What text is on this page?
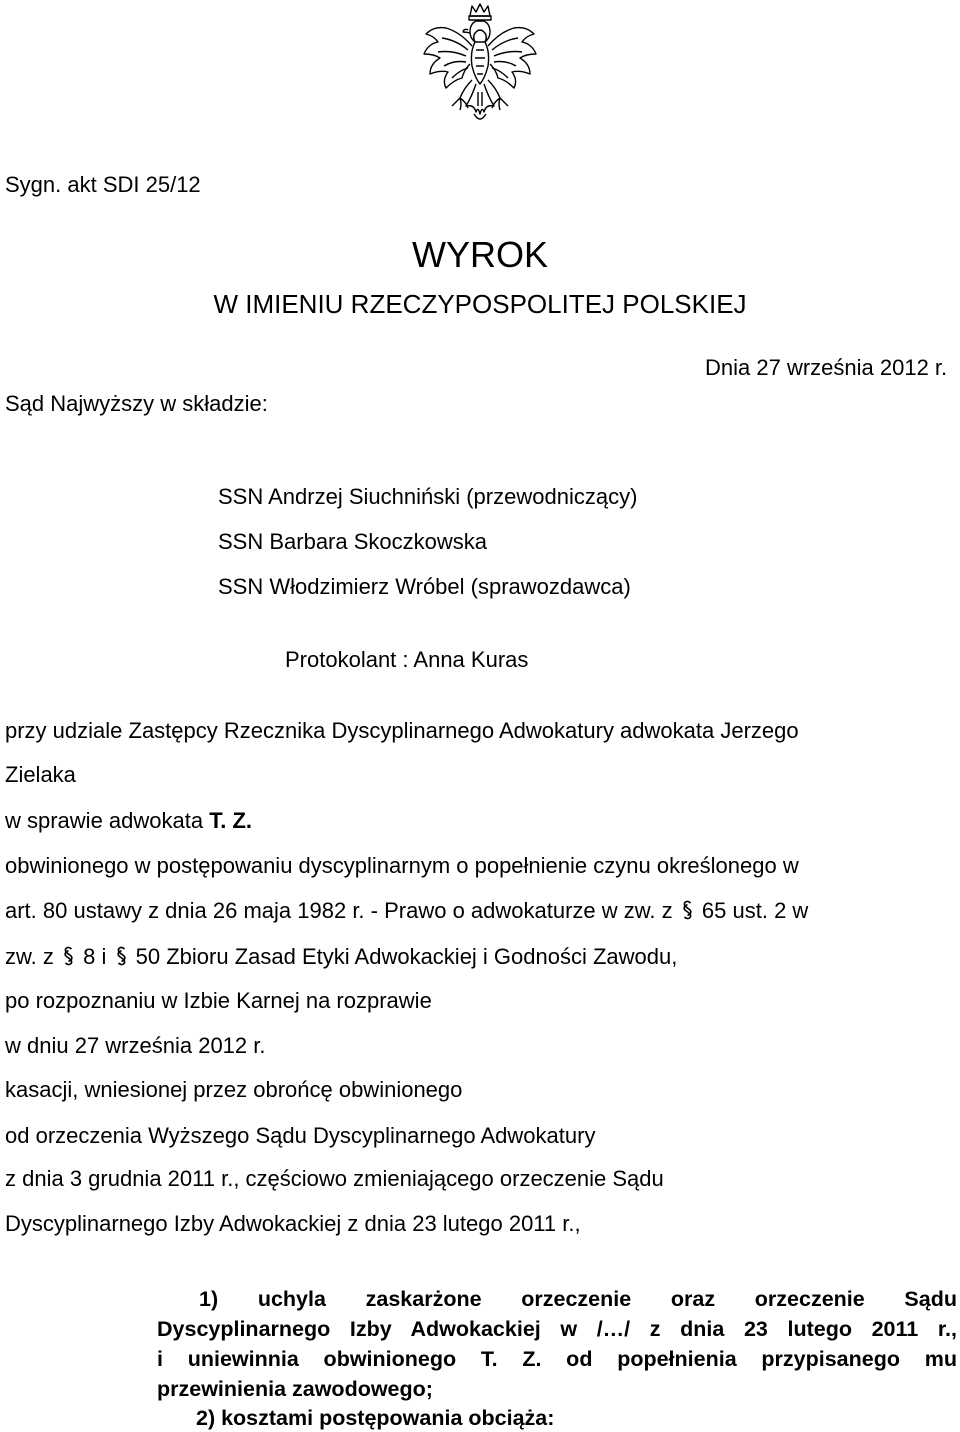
Sygn. akt SDI 25/12
WYROK
W IMIENIU RZECZYPOSPOLITEJ POLSKIEJ
Dnia 27 września 2012 r.
Sąd Najwyższy w składzie:
SSN Andrzej Siuchniński (przewodniczący)
SSN Barbara Skoczkowska
SSN Włodzimierz Wróbel (sprawozdawca)
Protokolant : Anna Kuras
przy udziale Zastępcy Rzecznika Dyscyplinarnego Adwokatury adwokata Jerzego
Zielaka
w sprawie adwokata T. Z.
obwinionego w postępowaniu dyscyplinarnym o popełnienie czynu określonego w
art. 80 ustawy z dnia 26 maja 1982 r. - Prawo o adwokaturze w zw. z 65 ust. 2 w
zw. z 8 i 50 Zbioru Zasad Etyki Adwokackiej i Godności Zawodu,
po rozpoznaniu w Izbie Karnej na rozprawie
w dniu 27 września 2012 r.
kasacji, wniesionej przez obrońcę obwinionego
od orzeczenia Wyższego Sądu Dyscyplinarnego Adwokatury
z dnia 3 grudnia 2011 r., częściowo zmieniającego orzeczenie Sądu
Dyscyplinarnego Izby Adwokackiej z dnia 23 lutego 2011 r.,
1) uchyla zaskarżone orzeczenie oraz orzeczenie Sądu
Dyscyplinarnego Izby Adwokackiej w /…/ z dnia 23 lutego 2011 r.,
i uniewinnia obwinionego T. Z. od popełnienia przypisanego mu
przewinienia zawodowego;
2) kosztami postępowania obciąża:
